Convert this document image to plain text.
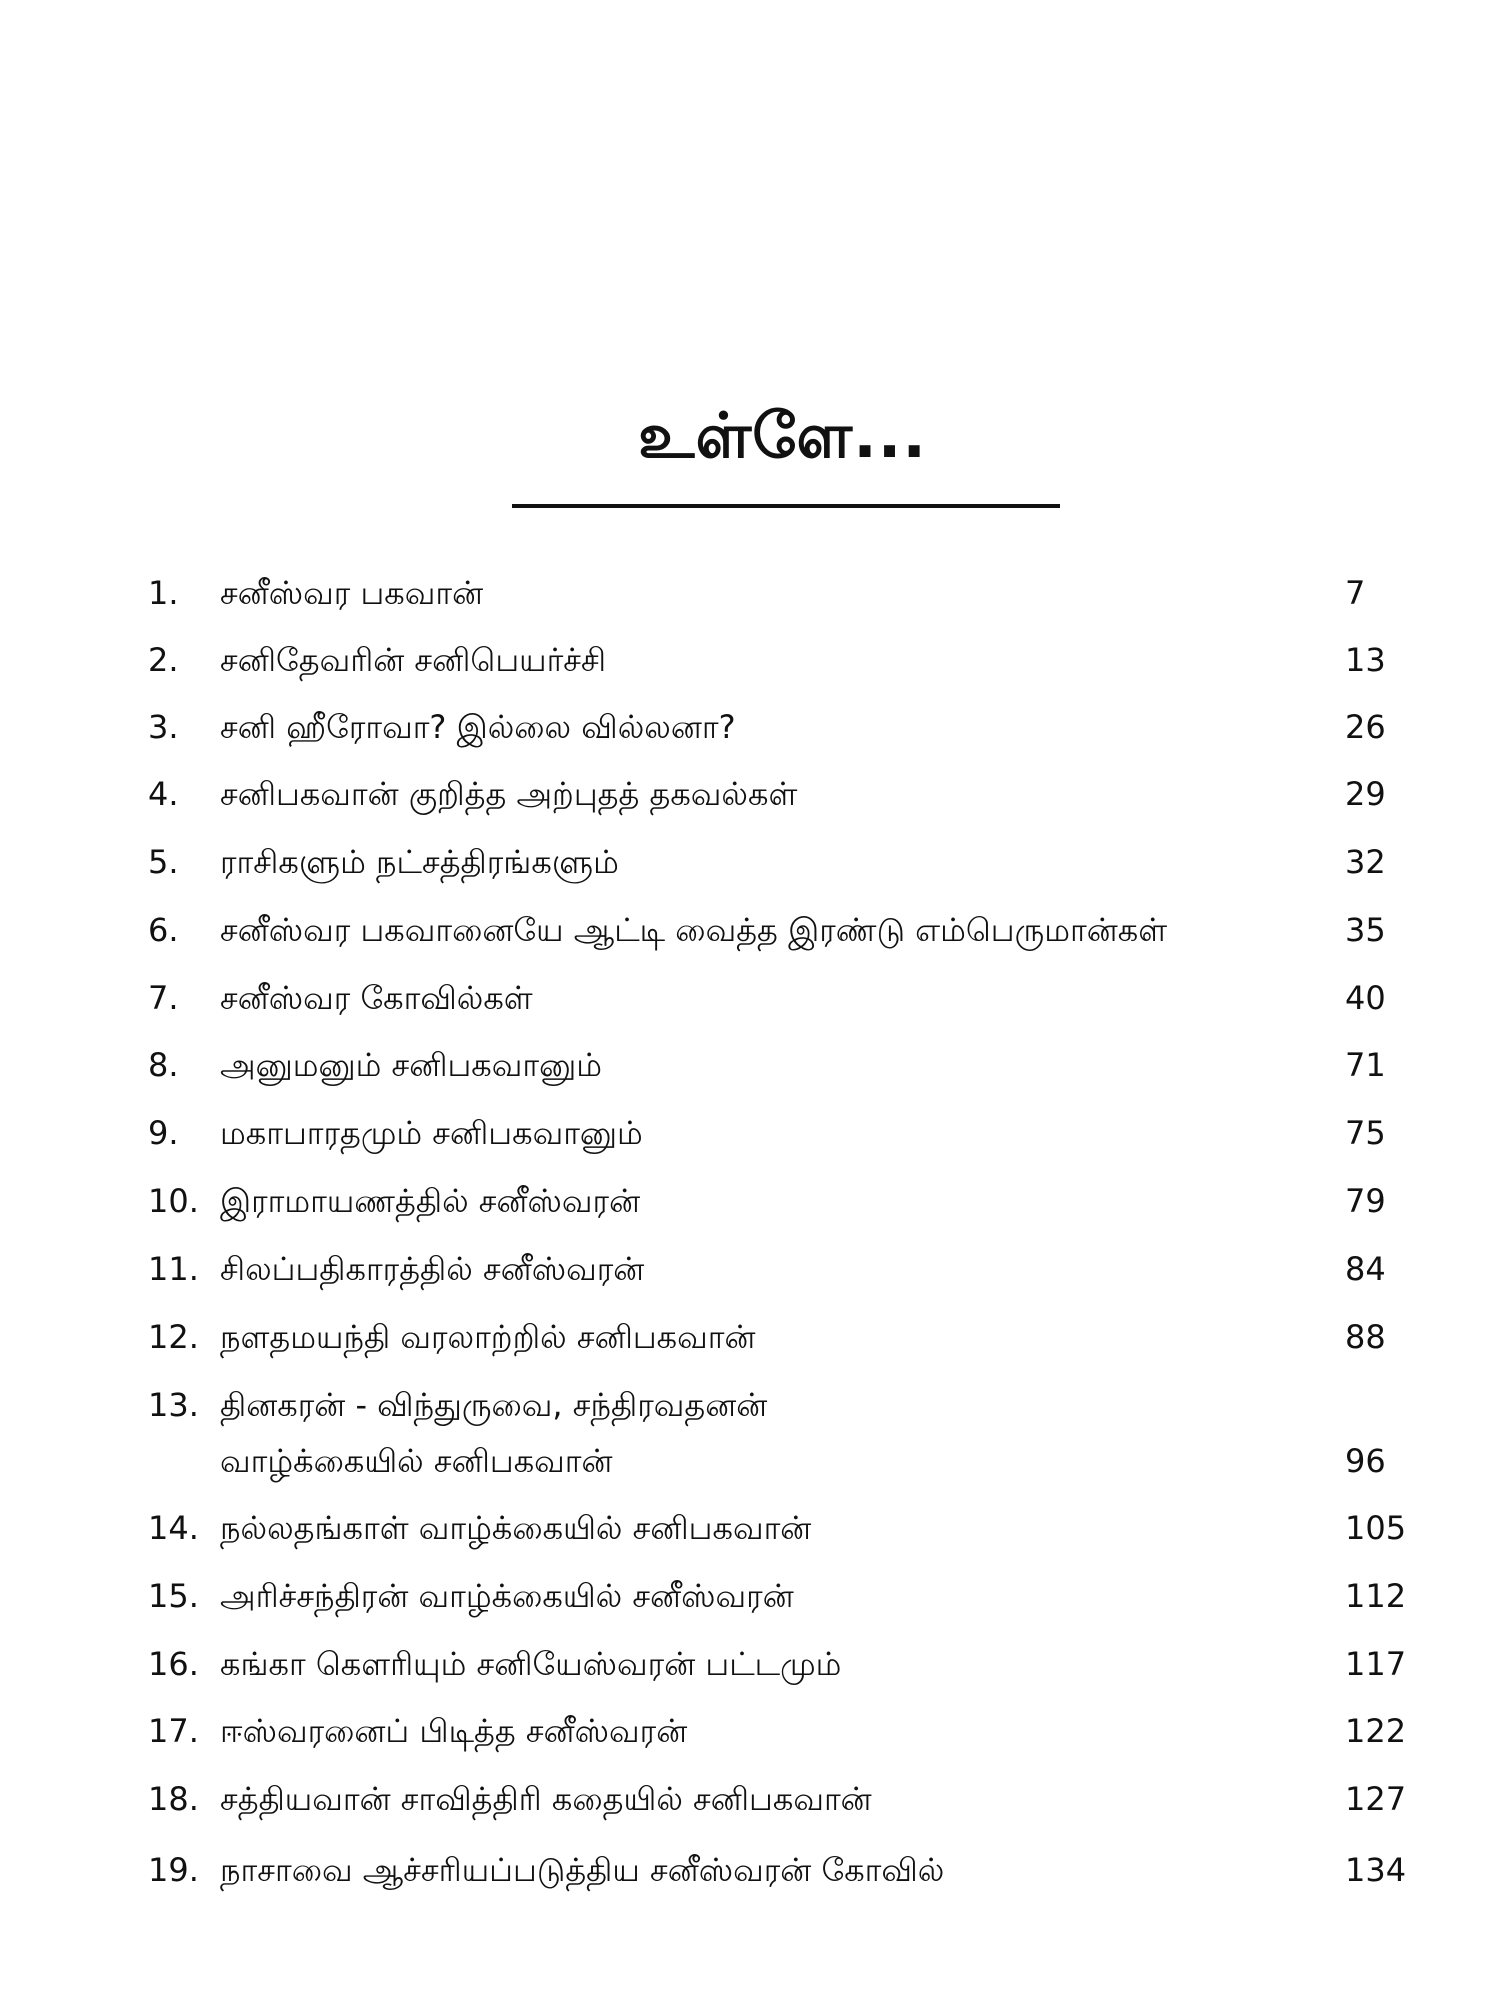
உள்ளே...
1. சனீஸ்வர பகவான்	7
2. சனிதேவரின் சனிபெயர்ச்சி	13
3. சனி ஹீரோவா? இல்லை வில்லனா?	26
4. சனிபகவான் குறித்த அற்புதத் தகவல்கள்	29
5. ராசிகளும் நட்சத்திரங்களும்	32
6. சனீஸ்வர பகவானையே ஆட்டி வைத்த இரண்டு எம்பெருமான்கள்	35
7. சனீஸ்வர கோவில்கள்	40
8. அனுமனும் சனிபகவானும்	71
9. மகாபாரதமும் சனிபகவானும்	75
10. இராமாயணத்தில் சனீஸ்வரன்	79
11. சிலப்பதிகாரத்தில் சனீஸ்வரன்	84
12. நளதமயந்தி வரலாற்றில் சனிபகவான்	88
13. தினகரன் - விந்துருவை, சந்திரவதனன்
வாழ்க்கையில் சனிபகவான்	96
14. நல்லதங்காள் வாழ்க்கையில் சனிபகவான்	105
15. அரிச்சந்திரன் வாழ்க்கையில் சனீஸ்வரன்	112
16. கங்கா கௌரியும் சனியேஸ்வரன் பட்டமும்	117
17. ஈஸ்வரனைப் பிடித்த சனீஸ்வரன்	122
18. சத்தியவான் சாவித்திரி கதையில் சனிபகவான்	127
19. நாசாவை ஆச்சரியப்படுத்திய சனீஸ்வரன் கோவில்	134
